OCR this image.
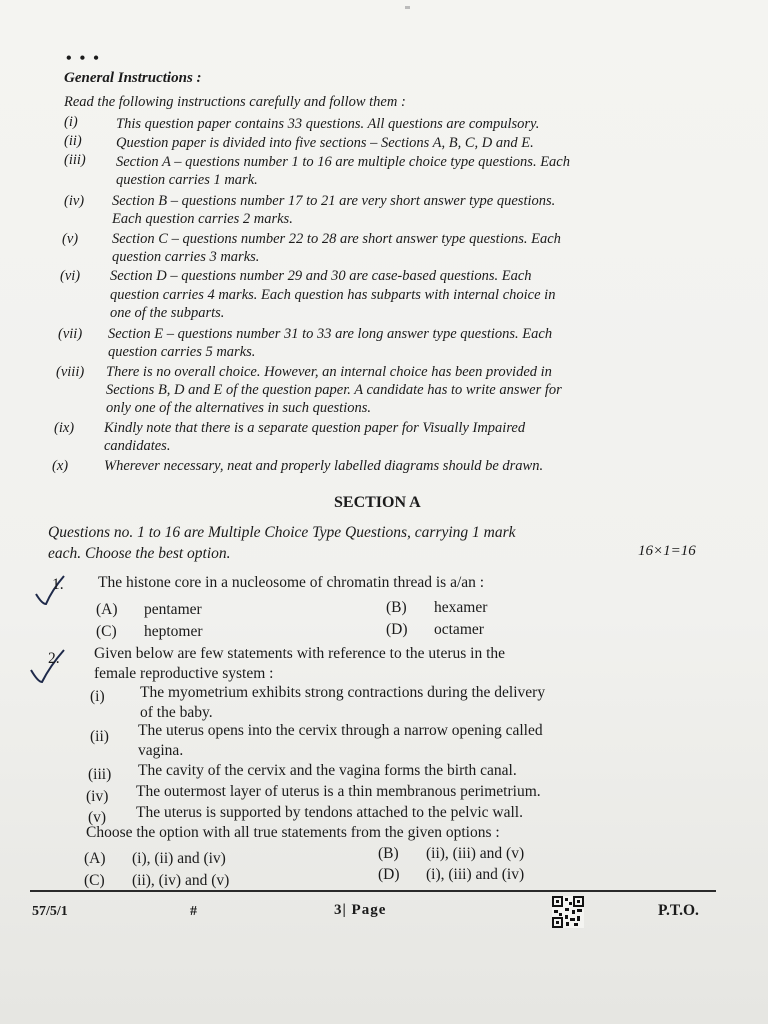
• • •
General Instructions :
Read the following instructions carefully and follow them :
(i)	This question paper contains 33 questions. All questions are compulsory.
(ii) Question paper is divided into five sections – Sections A, B, C, D and E.
(iii) Section A – questions number 1 to 16 are multiple choice type questions. Each
question carries 1 mark.
(iv) Section B – questions number 17 to 21 are very short answer type questions.
Each question carries 2 marks.
(v) Section C – questions number 22 to 28 are short answer type questions. Each
question carries 3 marks.
(vi) Section D – questions number 29 and 30 are case-based questions. Each
question carries 4 marks. Each question has subparts with internal choice in
one of the subparts.
(vii) Section E – questions number 31 to 33 are long answer type questions. Each
question carries 5 marks.
(viii) There is no overall choice. However, an internal choice has been provided in
Sections B, D and E of the question paper. A candidate has to write answer for
only one of the alternatives in such questions.
(ix) Kindly note that there is a separate question paper for Visually Impaired
candidates.
(x) Wherever necessary, neat and properly labelled diagrams should be drawn.
SECTION A
Questions no. 1 to 16 are Multiple Choice Type Questions, carrying 1 mark
each. Choose the best option.	16×1=16
1. The histone core in a nucleosome of chromatin thread is a/an :
(A) pentamer	(B) hexamer
(C) heptomer	(D) octamer
2. Given below are few statements with reference to the uterus in the
female reproductive system :
(i) The myometrium exhibits strong contractions during the delivery
of the baby.
(ii) The uterus opens into the cervix through a narrow opening called
vagina.
(iii) The cavity of the cervix and the vagina forms the birth canal.
(iv) The outermost layer of uterus is a thin membranous perimetrium.
(v) The uterus is supported by tendons attached to the pelvic wall.
Choose the option with all true statements from the given options :
(A) (i), (ii) and (iv)	(B) (ii), (iii) and (v)
(C) (ii), (iv) and (v)	(D) (i), (iii) and (iv)
57/5/1	#	3| Page	P.T.O.
